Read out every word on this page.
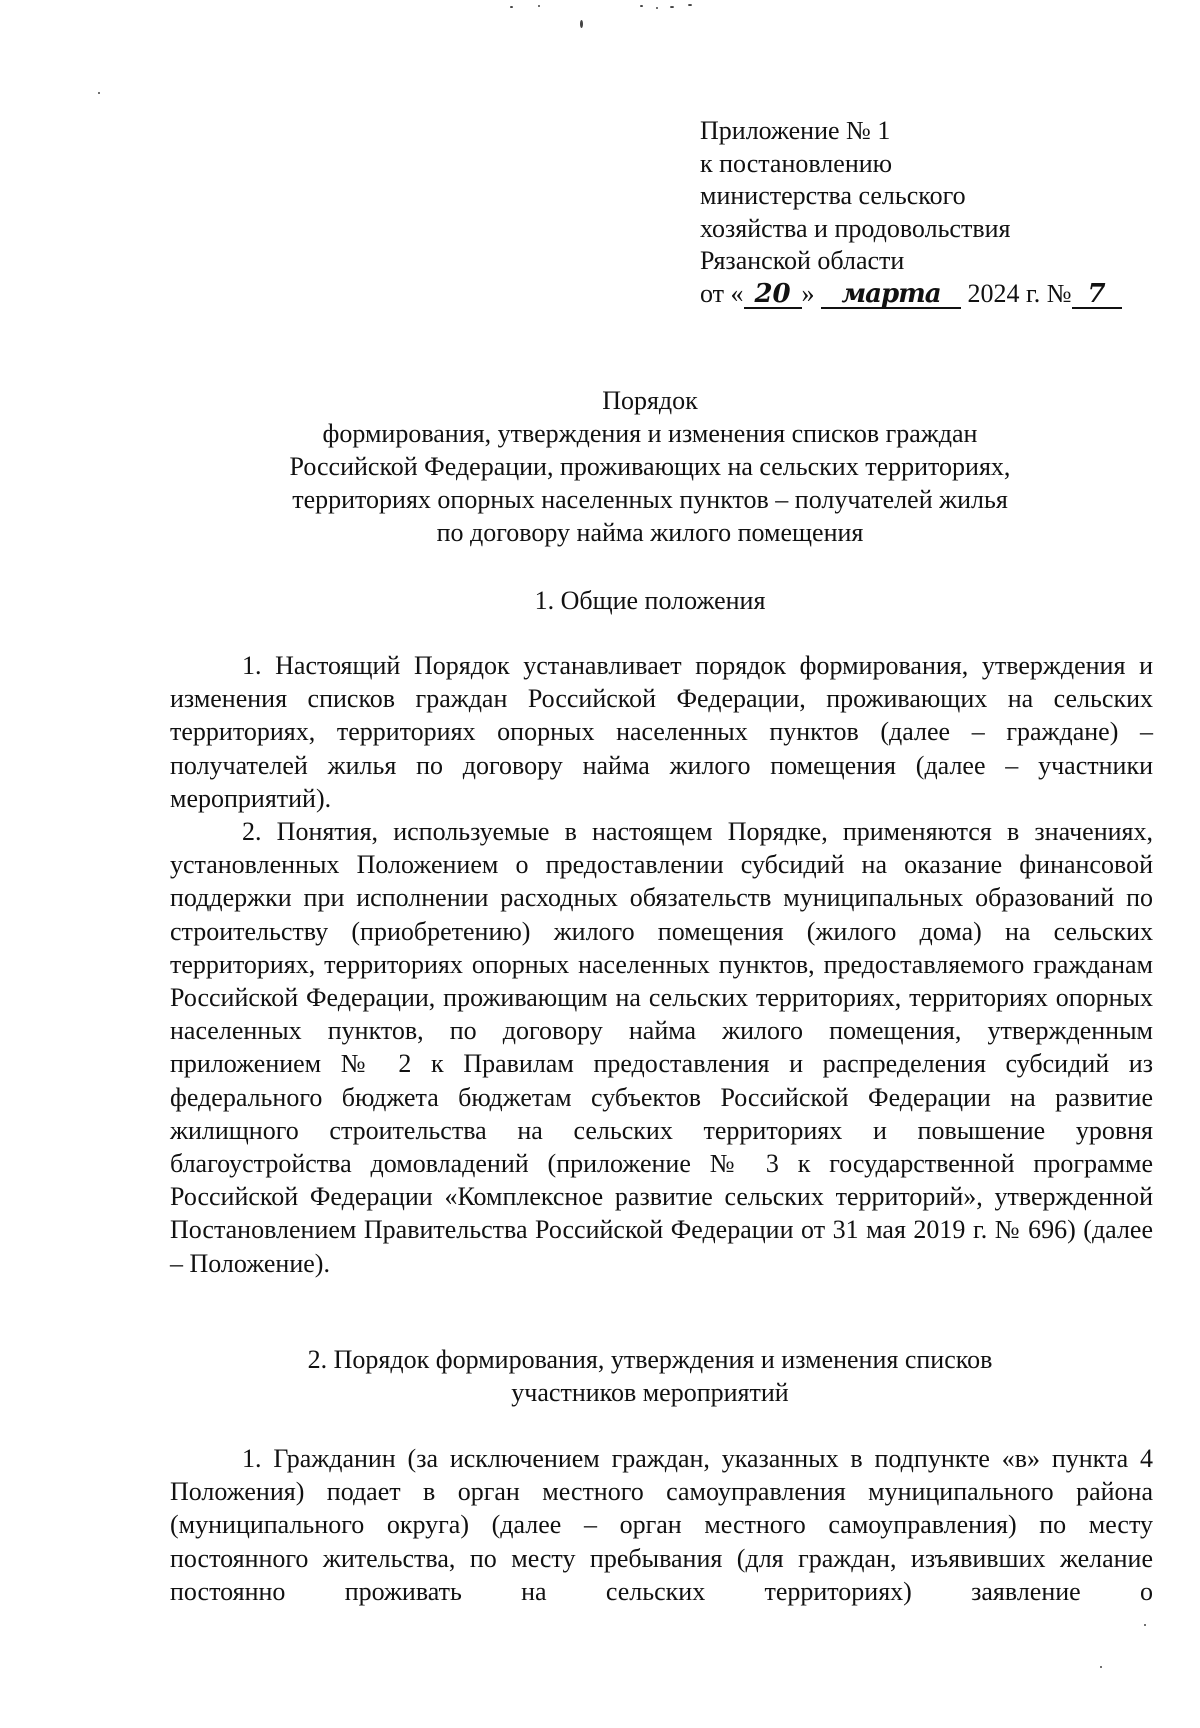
Приложение № 1
к постановлению
министерства сельского
хозяйства и продовольствия
Рязанской области
от « 20 » марта 2024 г. № 7
Порядок
формирования, утверждения и изменения списков граждан
Российской Федерации, проживающих на сельских территориях,
территориях опорных населенных пунктов – получателей жилья
по договору найма жилого помещения
1. Общие положения

1. Настоящий Порядок устанавливает порядок формирования, утверждения и изменения списков граждан Российской Федерации, проживающих на сельских территориях, территориях опорных населенных пунктов (далее – граждане) – получателей жилья по договору найма жилого помещения (далее – участники мероприятий).

2. Понятия, используемые в настоящем Порядке, применяются в значениях, установленных Положением о предоставлении субсидий на оказание финансовой поддержки при исполнении расходных обязательств муниципальных образований по строительству (приобретению) жилого помещения (жилого дома) на сельских территориях, территориях опорных населенных пунктов, предоставляемого гражданам Российской Федерации, проживающим на сельских территориях, территориях опорных населенных пунктов, по договору найма жилого помещения, утвержденным приложением № 2 к Правилам предоставления и распределения субсидий из федерального бюджета бюджетам субъектов Российской Федерации на развитие жилищного строительства на сельских территориях и повышение уровня благоустройства домовладений (приложение № 3 к государственной программе Российской Федерации «Комплексное развитие сельских территорий», утвержденной Постановлением Правительства Российской Федерации от 31 мая 2019 г. № 696) (далее – Положение).

2. Порядок формирования, утверждения и изменения списков
участников мероприятий

1. Гражданин (за исключением граждан, указанных в подпункте «в» пункта 4 Положения) подает в орган местного самоуправления муниципального района (муниципального округа) (далее – орган местного самоуправления) по месту постоянного жительства, по месту пребывания (для граждан, изъявивших желание постоянно проживать на сельских территориях) заявление о
